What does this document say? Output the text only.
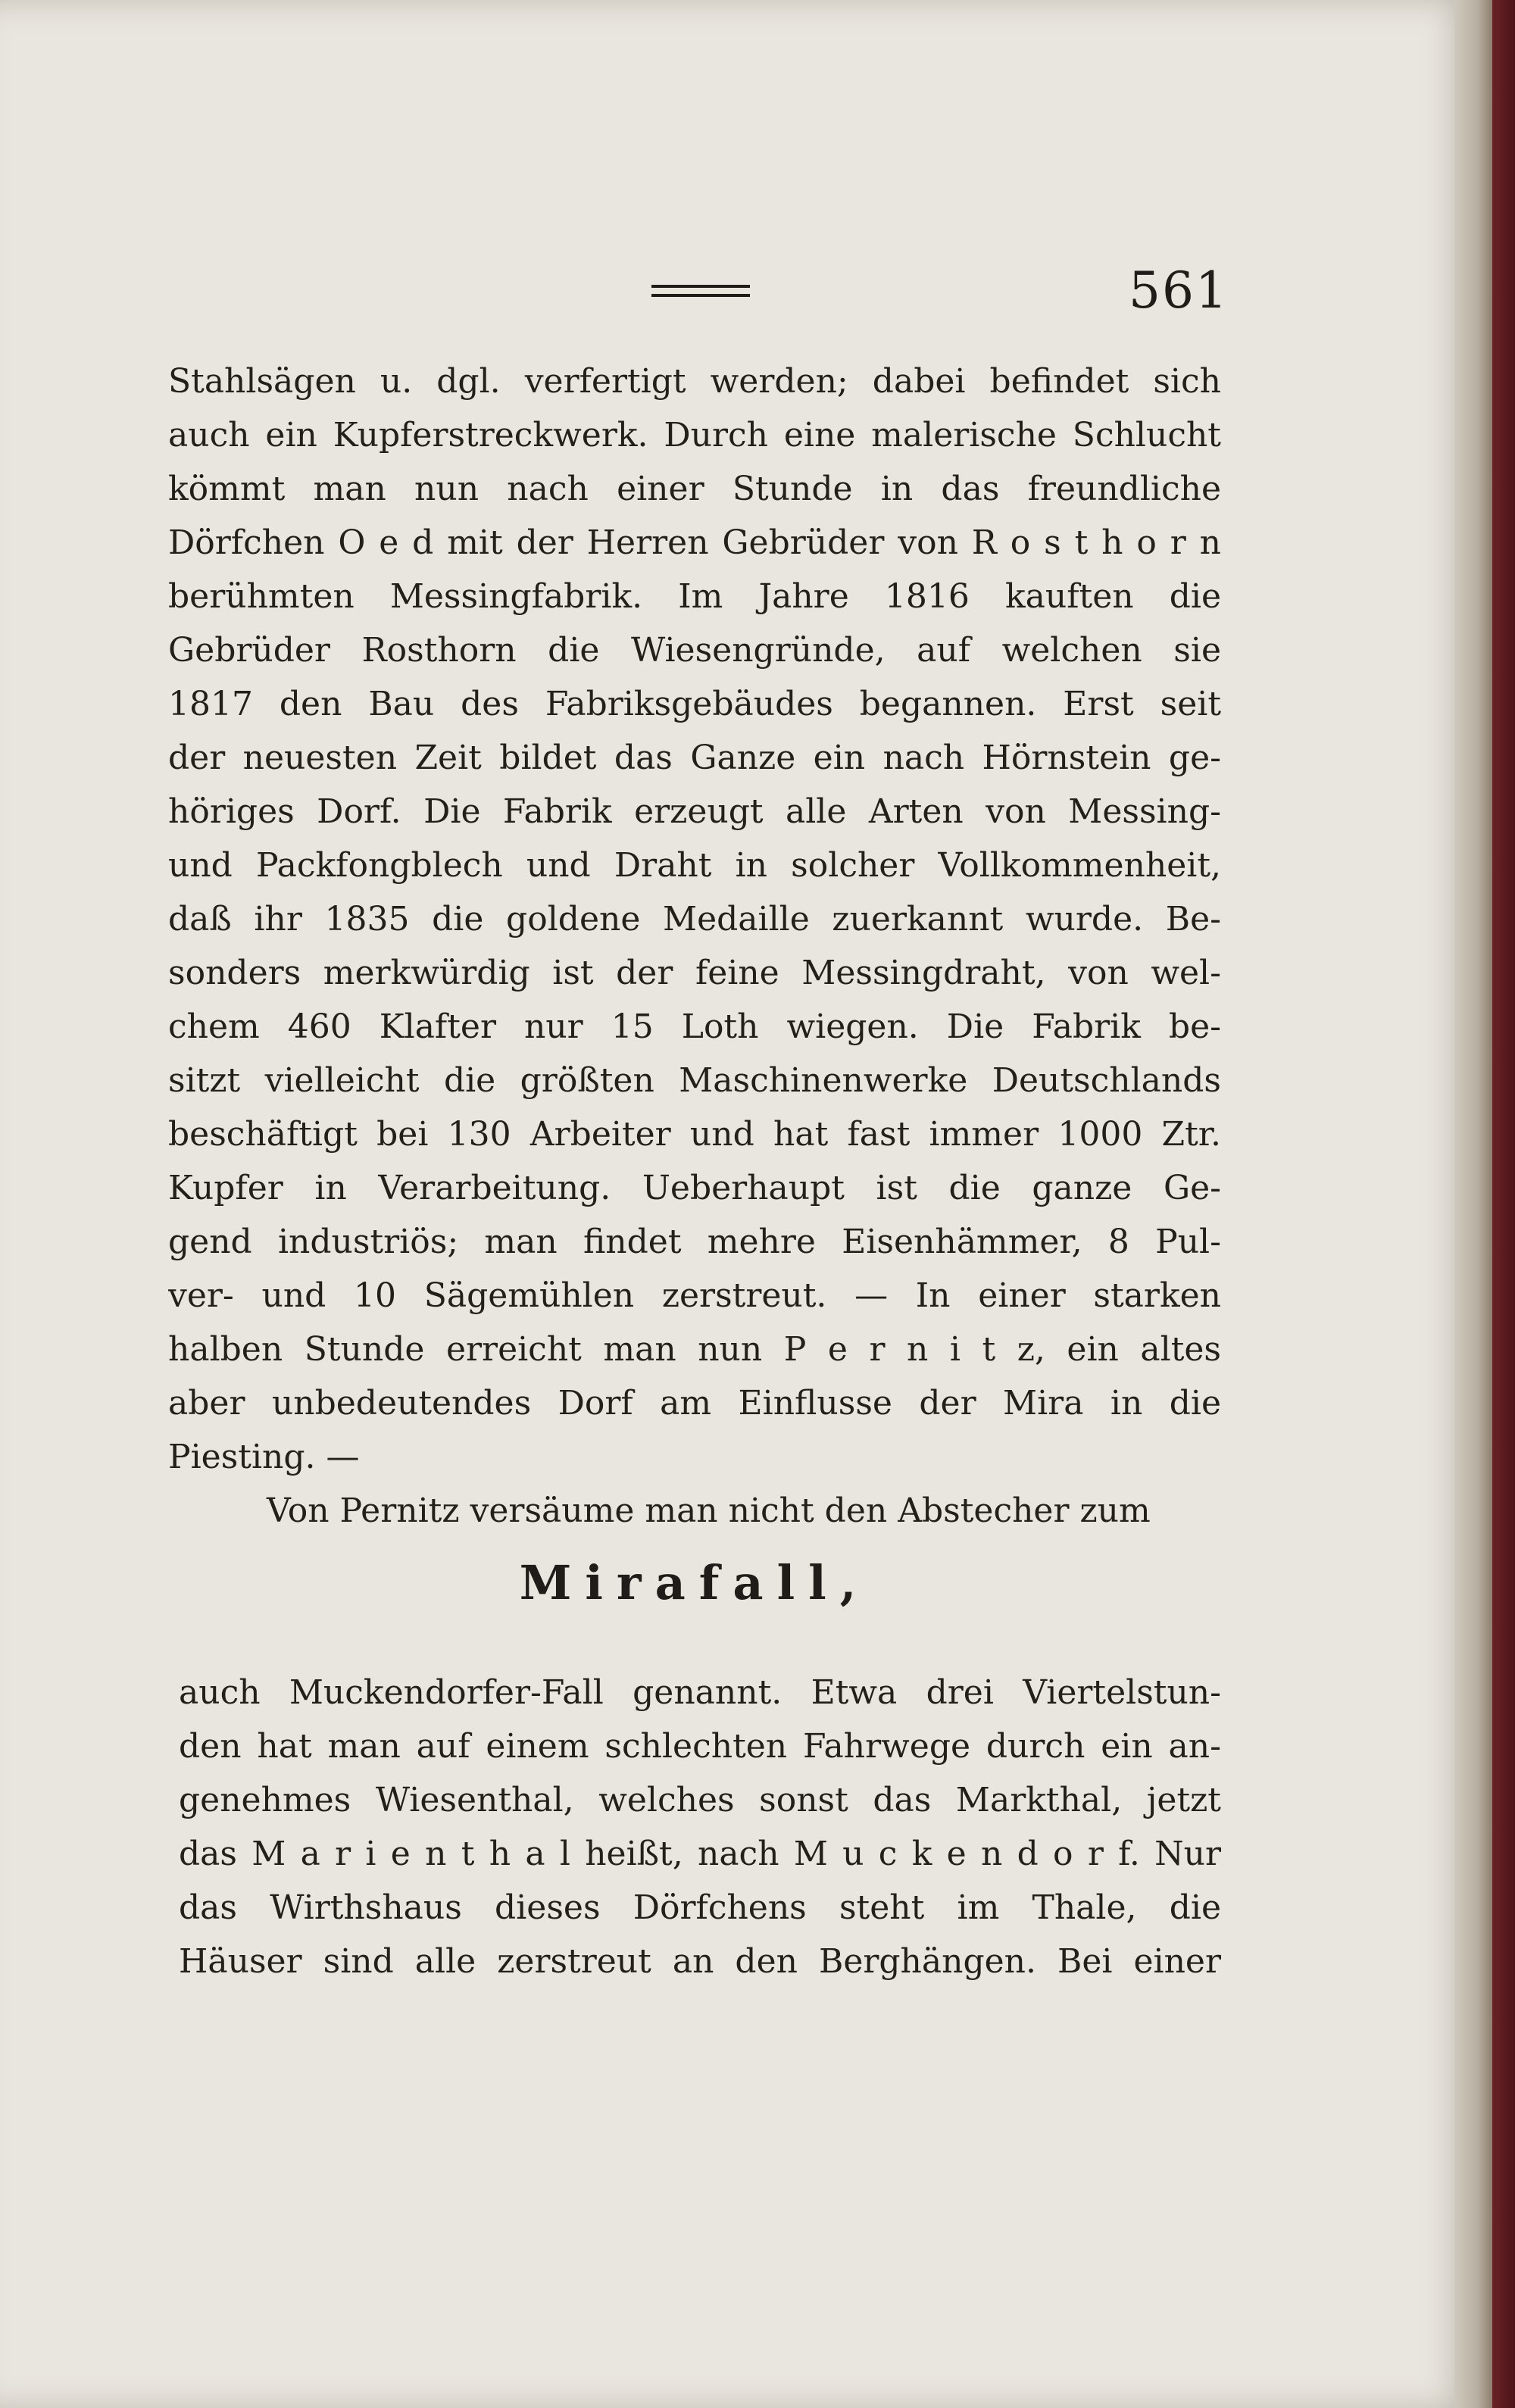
561
Stahlsägen u. dgl. verfertigt werden; dabei befindet sich
auch ein Kupferstreckwerk. Durch eine malerische Schlucht
kömmt man nun nach einer Stunde in das freundliche
Dörfchen O e d mit der Herren Gebrüder von R o s t h o r n
berühmten Messingfabrik. Im Jahre 1816 kauften die
Gebrüder Rosthorn die Wiesengründe, auf welchen sie
1817 den Bau des Fabriksgebäudes begannen. Erst seit
der neuesten Zeit bildet das Ganze ein nach Hörnstein ge-
höriges Dorf. Die Fabrik erzeugt alle Arten von Messing-
und Packfongblech und Draht in solcher Vollkommenheit,
daß ihr 1835 die goldene Medaille zuerkannt wurde. Be-
sonders merkwürdig ist der feine Messingdraht, von wel-
chem 460 Klafter nur 15 Loth wiegen. Die Fabrik be-
sitzt vielleicht die größten Maschinenwerke Deutschlands
beschäftigt bei 130 Arbeiter und hat fast immer 1000 Ztr.
Kupfer in Verarbeitung. Ueberhaupt ist die ganze Ge-
gend industriös; man findet mehre Eisenhämmer, 8 Pul-
ver- und 10 Sägemühlen zerstreut. — In einer starken
halben Stunde erreicht man nun P e r n i t z, ein altes
aber unbedeutendes Dorf am Einflusse der Mira in die
Piesting. —
Von Pernitz versäume man nicht den Abstecher zum
Mirafall,
auch Muckendorfer-Fall genannt. Etwa drei Viertelstun-
den hat man auf einem schlechten Fahrwege durch ein an-
genehmes Wiesenthal, welches sonst das Markthal, jetzt
das M a r i e n t h a l heißt, nach M u c k e n d o r f. Nur
das Wirthshaus dieses Dörfchens steht im Thale, die
Häuser sind alle zerstreut an den Berghängen. Bei einer
